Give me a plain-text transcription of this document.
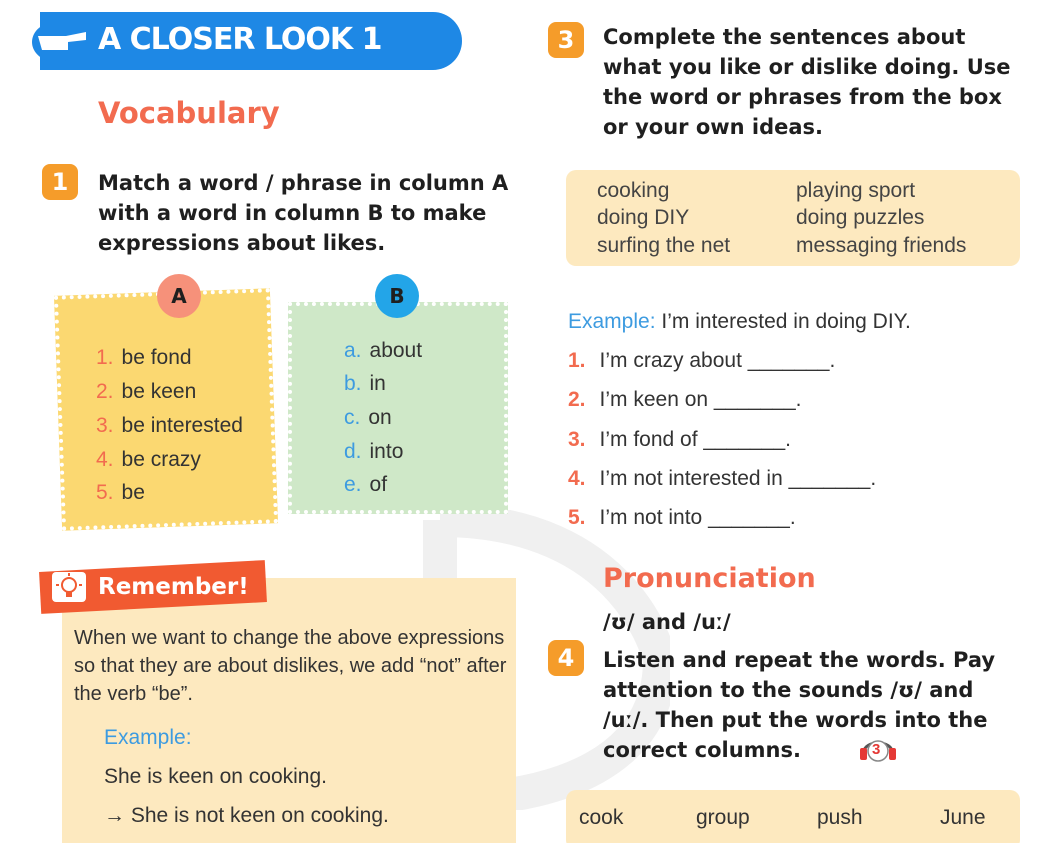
A CLOSER LOOK 1
Vocabulary
1	Match a word / phrase in column A with a word in column B to make expressions about likes.
A	B
1. be fond
2. be keen
3. be interested
4. be crazy
5. be
a. about
b. in
c. on
d. into
e. of
Remember!
When we want to change the above expressions so that they are about dislikes, we add “not” after the verb “be”.
Example:
She is keen on cooking.
→ She is not keen on cooking.
3	Complete the sentences about what you like or dislike doing. Use the word or phrases from the box or your own ideas.
cooking	playing sport
doing DIY	doing puzzles
surfing the net	messaging friends
Example: I’m interested in doing DIY.
1. I’m crazy about _______.
2. I’m keen on _______.
3. I’m fond of _______.
4. I’m not interested in _______.
5. I’m not into _______.
Pronunciation
/ʊ/ and /uː/
4	Listen and repeat the words. Pay attention to the sounds /ʊ/ and /uː/. Then put the words into the correct columns.	3
cook	group	push	June
